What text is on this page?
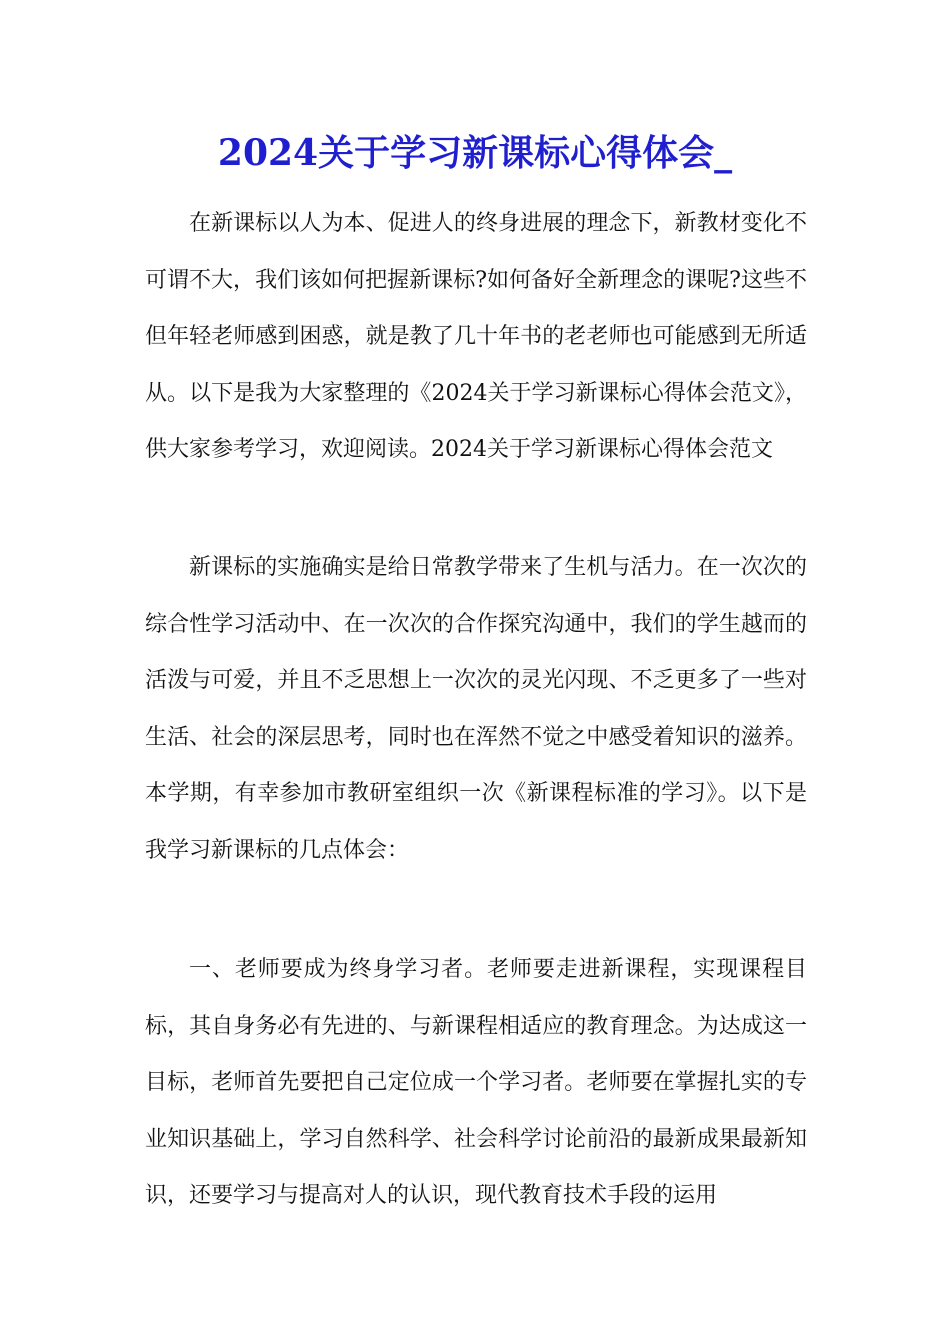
2024关于学习新课标心得体会_

在新课标以人为本、促进人的终身进展的理念下，新教材变化不可谓不大，我们该如何把握新课标?如何备好全新理念的课呢?这些不但年轻老师感到困惑，就是教了几十年书的老老师也可能感到无所适从。以下是我为大家整理的《2024关于学习新课标心得体会范文》，供大家参考学习，欢迎阅读。2024关于学习新课标心得体会范文

新课标的实施确实是给日常教学带来了生机与活力。在一次次的综合性学习活动中、在一次次的合作探究沟通中，我们的学生越而的活泼与可爱，并且不乏思想上一次次的灵光闪现、不乏更多了一些对生活、社会的深层思考，同时也在浑然不觉之中感受着知识的滋养。本学期，有幸参加市教研室组织一次《新课程标准的学习》。以下是我学习新课标的几点体会：

一、老师要成为终身学习者。老师要走进新课程，实现课程目标，其自身务必有先进的、与新课程相适应的教育理念。为达成这一目标，老师首先要把自己定位成一个学习者。老师要在掌握扎实的专业知识基础上，学习自然科学、社会科学讨论前沿的最新成果最新知识，还要学习与提高对人的认识，现代教育技术手段的运用
